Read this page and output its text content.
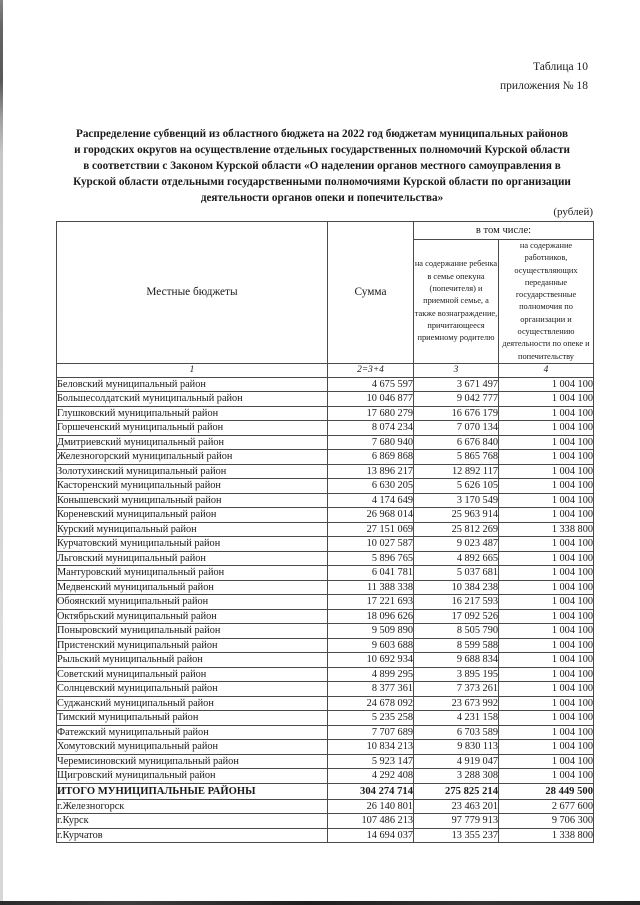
Таблица 10
приложения № 18

Распределение субвенций из областного бюджета на 2022 год бюджетам муниципальных районов

и городских округов на осуществление отдельных государственных полномочий Курской области

в соответствии с Законом Курской области «О наделении органов местного самоуправления в

Курской области отдельными государственными полномочиями Курской области по организации

деятельности органов опеки и попечительства»

(рублей)
Местные бюджеты	Сумма	в том числе:	
		на содержание ребенка в семье опекуна (попечителя) и приемной семье, а также вознаграждение, причитающееся приемному родителю	на содержание работников, осуществляющих переданные государственные полномочия по организации и осуществлению деятельности по опеке и попечительству
1	2=3+4	3	4
Беловский муниципальный район	4 675 597	3 671 497	1 004 100
Большесолдатский муниципальный район	10 046 877	9 042 777	1 004 100
Глушковский муниципальный район	17 680 279	16 676 179	1 004 100
Горшеченский муниципальный район	8 074 234	7 070 134	1 004 100
Дмитриевский муниципальный район	7 680 940	6 676 840	1 004 100
Железногорский муниципальный район	6 869 868	5 865 768	1 004 100
Золотухинский муниципальный район	13 896 217	12 892 117	1 004 100
Касторенский муниципальный район	6 630 205	5 626 105	1 004 100
Конышевский муниципальный район	4 174 649	3 170 549	1 004 100
Кореневский муниципальный район	26 968 014	25 963 914	1 004 100
Курский муниципальный район	27 151 069	25 812 269	1 338 800
Курчатовский муниципальный район	10 027 587	9 023 487	1 004 100
Льговский муниципальный район	5 896 765	4 892 665	1 004 100
Мантуровский муниципальный район	6 041 781	5 037 681	1 004 100
Медвенский муниципальный район	11 388 338	10 384 238	1 004 100
Обоянский муниципальный район	17 221 693	16 217 593	1 004 100
Октябрьский муниципальный район	18 096 626	17 092 526	1 004 100
Поныровский муниципальный район	9 509 890	8 505 790	1 004 100
Пристенский муниципальный район	9 603 688	8 599 588	1 004 100
Рыльский муниципальный район	10 692 934	9 688 834	1 004 100
Советский муниципальный район	4 899 295	3 895 195	1 004 100
Солнцевский муниципальный район	8 377 361	7 373 261	1 004 100
Суджанский муниципальный район	24 678 092	23 673 992	1 004 100
Тимский муниципальный район	5 235 258	4 231 158	1 004 100
Фатежский муниципальный район	7 707 689	6 703 589	1 004 100
Хомутовский муниципальный район	10 834 213	9 830 113	1 004 100
Черемисиновский муниципальный район	5 923 147	4 919 047	1 004 100
Щигровский муниципальный район	4 292 408	3 288 308	1 004 100
ИТОГО МУНИЦИПАЛЬНЫЕ РАЙОНЫ	304 274 714	275 825 214	28 449 500
г.Железногорск	26 140 801	23 463 201	2 677 600
г.Курск	107 486 213	97 779 913	9 706 300
г.Курчатов	14 694 037	13 355 237	1 338 800
